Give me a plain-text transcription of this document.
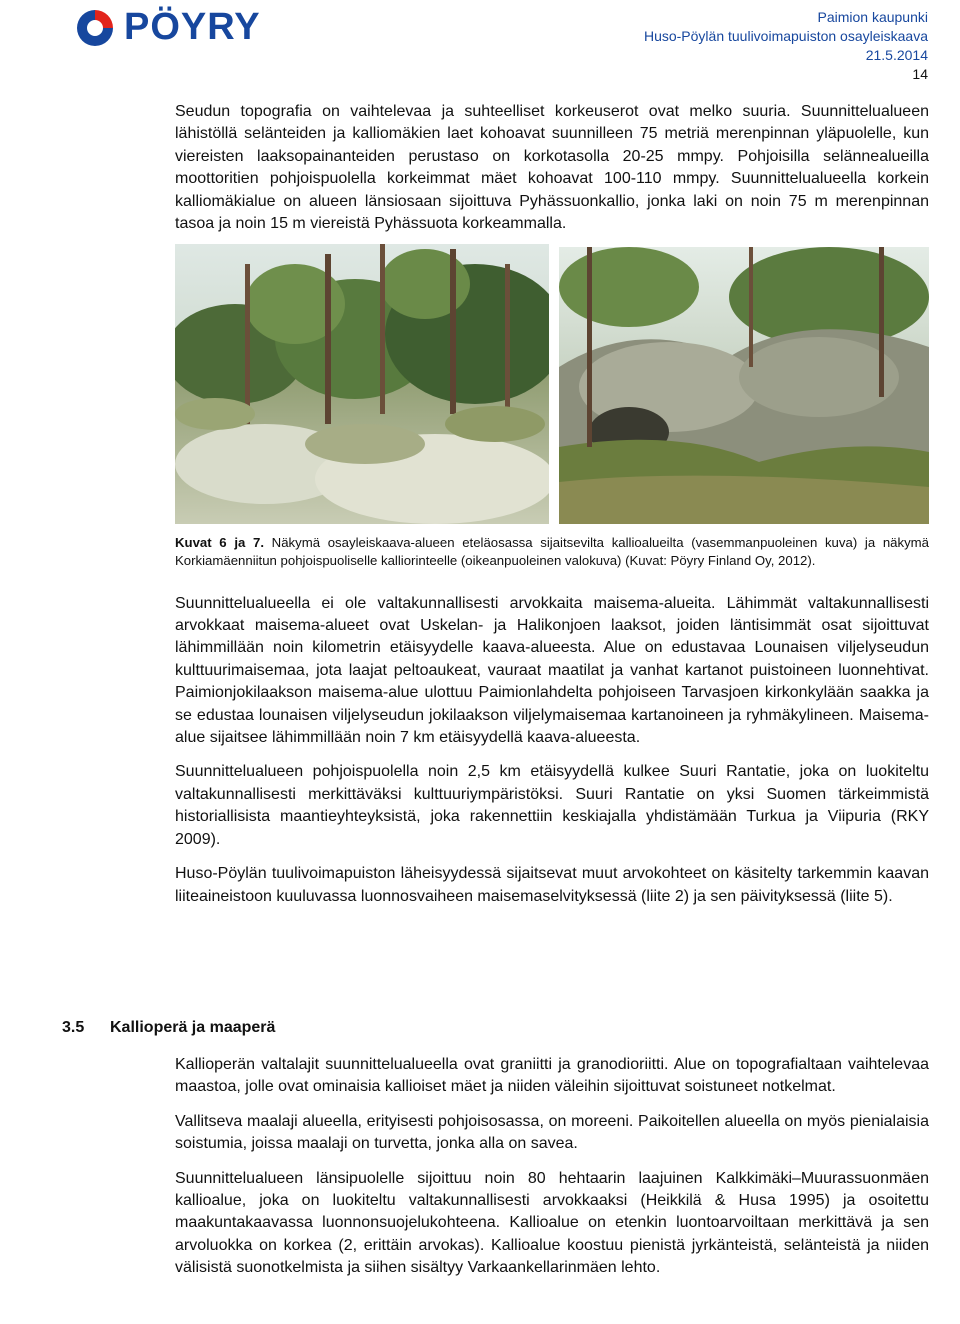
PÖYRY	Paimion kaupunki
Huso-Pöylän tuulivoimapuiston osayleiskaava
21.5.2014
14

Seudun topografia on vaihtelevaa ja suhteelliset korkeuserot ovat melko suuria. Suunnittelualueen lähistöllä selänteiden ja kalliomäkien laet kohoavat suunnilleen 75 metriä merenpinnan yläpuolelle, kun viereisten laaksopainanteiden perustaso on korkotasolla 20-25 mmpy. Pohjoisilla selännealueilla moottoritien pohjoispuolella korkeimmat mäet kohoavat 100-110 mmpy. Suunnittelualueella korkein kalliomäkialue on alueen länsiosaan sijoittuva Pyhässuonkallio, jonka laki on noin 75 m merenpinnan tasoa ja noin 15 m viereistä Pyhässuota korkeammalla.

Kuvat 6 ja 7. Näkymä osayleiskaava-alueen eteläosassa sijaitsevilta kallioalueilta (vasemmanpuoleinen kuva) ja näkymä Korkiamäenniitun pohjoispuoliselle kalliorinteelle (oikeanpuoleinen valokuva) (Kuvat: Pöyry Finland Oy, 2012).

Suunnittelualueella ei ole valtakunnallisesti arvokkaita maisema-alueita. Lähimmät valtakunnallisesti arvokkaat maisema-alueet ovat Uskelan- ja Halikonjoen laaksot, joiden läntisimmät osat sijoittuvat lähimmillään noin kilometrin etäisyydelle kaava-alueesta. Alue on edustavaa Lounaisen viljelyseudun kulttuurimaisemaa, jota laajat peltoaukeat, vauraat maatilat ja vanhat kartanot puistoineen luonnehtivat. Paimionjokilaakson maisema-alue ulottuu Paimionlahdelta pohjoiseen Tarvasjoen kirkonkylään saakka ja se edustaa lounaisen viljelyseudun jokilaakson viljelymaisemaa kartanoineen ja ryhmäkylineen. Maisema-alue sijaitsee lähimmillään noin 7 km etäisyydellä kaava-alueesta.

Suunnittelualueen pohjoispuolella noin 2,5 km etäisyydellä kulkee Suuri Rantatie, joka on luokiteltu valtakunnallisesti merkittäväksi kulttuuriympäristöksi. Suuri Rantatie on yksi Suomen tärkeimmistä historiallisista maantieyhteyksistä, joka rakennettiin keskiajalla yhdistämään Turkua ja Viipuria (RKY 2009).

Huso-Pöylän tuulivoimapuiston läheisyydessä sijaitsevat muut arvokohteet on käsitelty tarkemmin kaavan liiteaineistoon kuuluvassa luonnosvaiheen maisemaselvityksessä (liite 2) ja sen päivityksessä (liite 5).

3.5 Kallioperä ja maaperä

Kallioperän valtalajit suunnittelualueella ovat graniitti ja granodioriitti. Alue on topografialtaan vaihtelevaa maastoa, jolle ovat ominaisia kallioiset mäet ja niiden väleihin sijoittuvat soistuneet notkelmat.

Vallitseva maalaji alueella, erityisesti pohjoisosassa, on moreeni. Paikoitellen alueella on myös pienialaisia soistumia, joissa maalaji on turvetta, jonka alla on savea.

Suunnittelualueen länsipuolelle sijoittuu noin 80 hehtaarin laajuinen Kalkkimäki–Muurassuonmäen kallioalue, joka on luokiteltu valtakunnallisesti arvokkaaksi (Heikkilä & Husa 1995) ja osoitettu maakuntakaavassa luonnonsuojelukohteena. Kallioalue on etenkin luontoarvoiltaan merkittävä ja sen arvoluokka on korkea (2, erittäin arvokas). Kallioalue koostuu pienistä jyrkänteistä, selänteistä ja niiden välisistä suonotkelmista ja siihen sisältyy Varkaankellarinmäen lehto.
